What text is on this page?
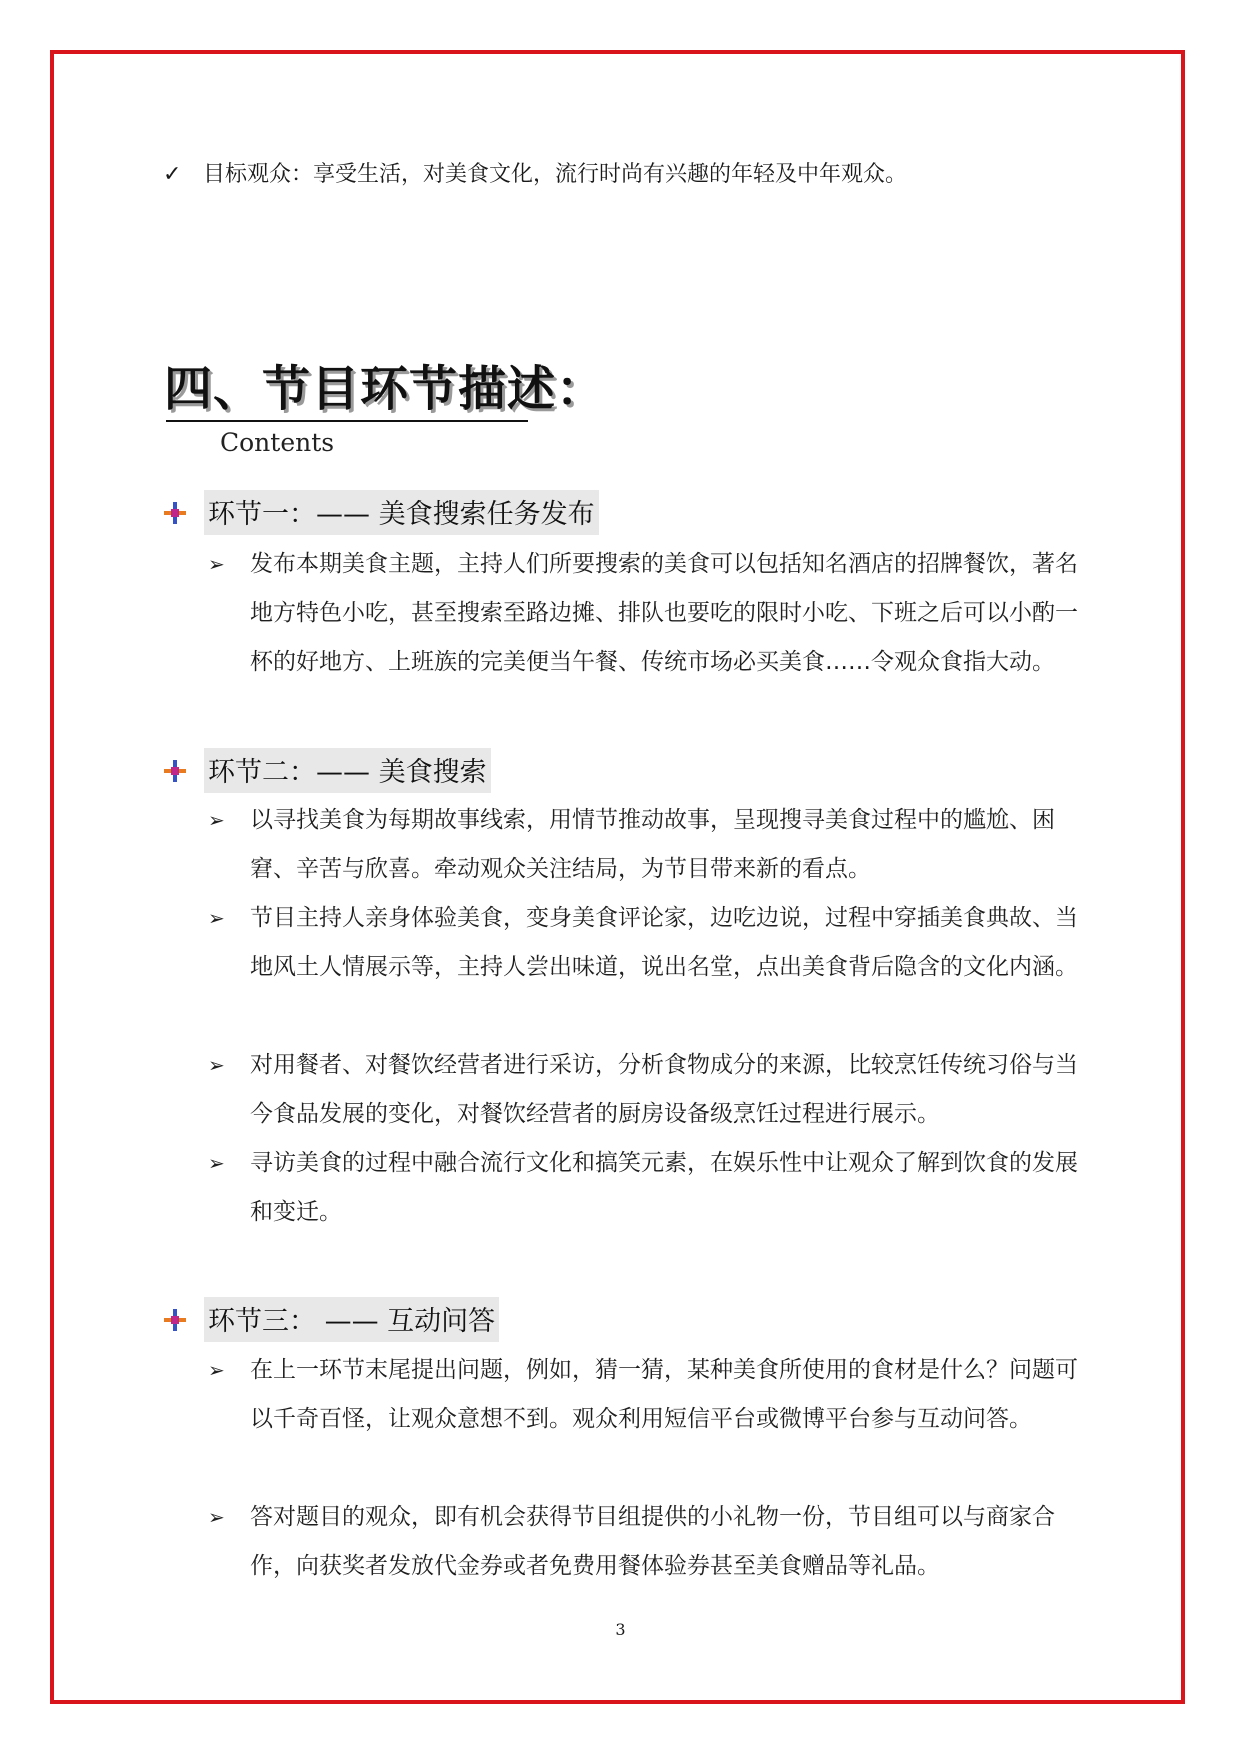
✓ 目标观众：享受生活，对美食文化，流行时尚有兴趣的年轻及中年观众。
四、节目环节描述：
Contents
环节一：—— 美食搜索任务发布
➢	发布本期美食主题，主持人们所要搜索的美食可以包括知名酒店的招牌餐饮，著名地方特色小吃，甚至搜索至路边摊、排队也要吃的限时小吃、下班之后可以小酌一杯的好地方、上班族的完美便当午餐、传统市场必买美食……令观众食指大动。
环节二：—— 美食搜索
➢	以寻找美食为每期故事线索，用情节推动故事，呈现搜寻美食过程中的尴尬、困窘、辛苦与欣喜。牵动观众关注结局，为节目带来新的看点。
➢	节目主持人亲身体验美食，变身美食评论家，边吃边说，过程中穿插美食典故、当地风土人情展示等，主持人尝出味道，说出名堂，点出美食背后隐含的文化内涵。
➢	对用餐者、对餐饮经营者进行采访，分析食物成分的来源，比较烹饪传统习俗与当今食品发展的变化，对餐饮经营者的厨房设备级烹饪过程进行展示。
➢	寻访美食的过程中融合流行文化和搞笑元素，在娱乐性中让观众了解到饮食的发展和变迁。
环节三： —— 互动问答
➢	在上一环节末尾提出问题，例如，猜一猜，某种美食所使用的食材是什么？问题可以千奇百怪，让观众意想不到。观众利用短信平台或微博平台参与互动问答。
➢	答对题目的观众，即有机会获得节目组提供的小礼物一份，节目组可以与商家合作，向获奖者发放代金券或者免费用餐体验券甚至美食赠品等礼品。
3
